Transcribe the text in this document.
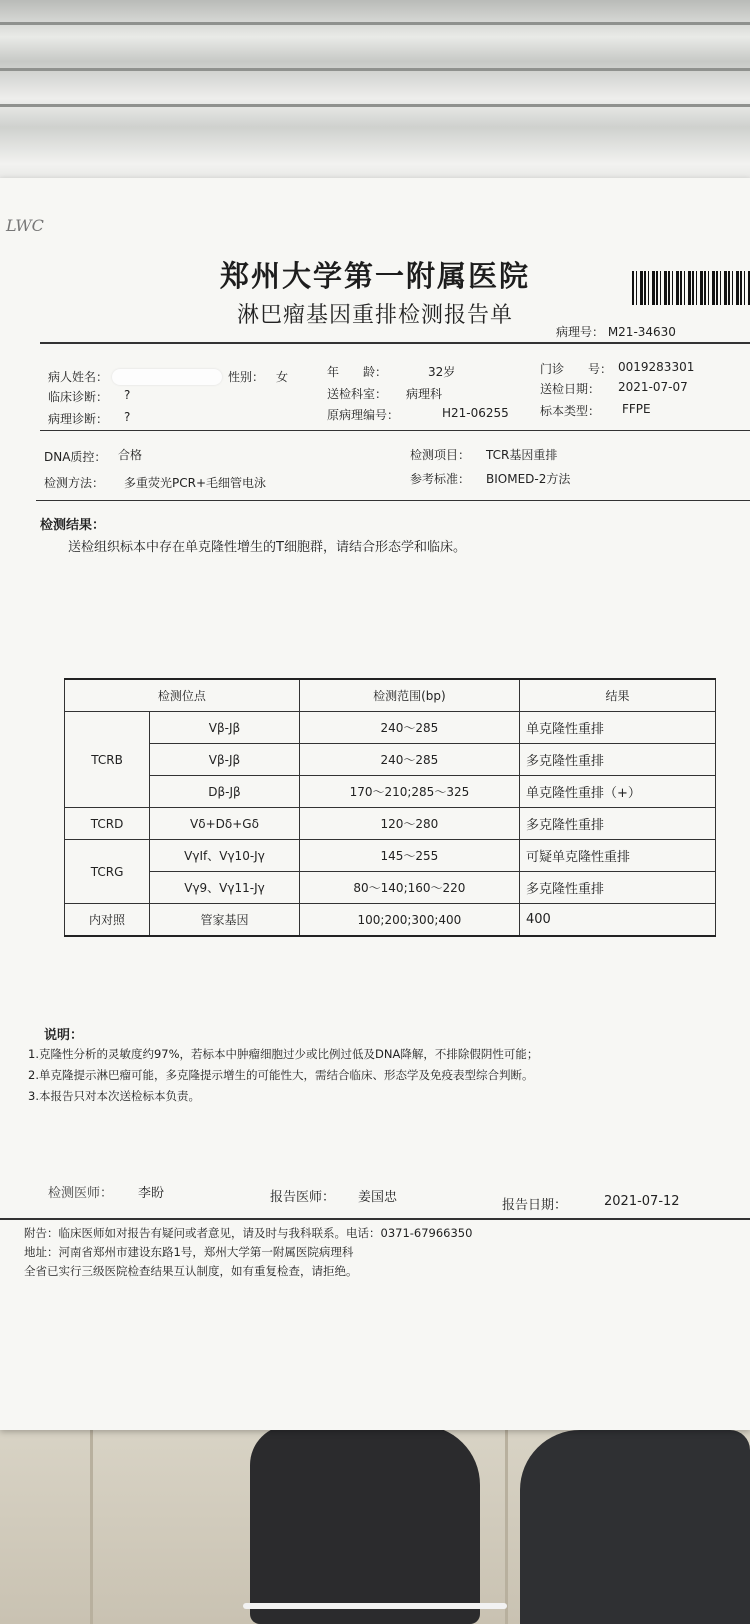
LWC
郑州大学第一附属医院
淋巴瘤基因重排检测报告单
病理号： M21-34630
病人姓名：	性别： 女	年　　龄：	32岁	门诊　　号： 0019283301
临床诊断： ?	送检科室： 病理科	送检日期： 2021-07-07
病理诊断： ?	原病理编号：	H21-06255	标本类型： FFPE
DNA质控： 合格	检测项目： TCR基因重排
检测方法： 多重荧光PCR+毛细管电泳	参考标准： BIOMED-2方法
检测结果：
送检组织标本中存在单克隆性增生的T细胞群，请结合形态学和临床。
检测位点		检测范围(bp)	结果
TCRB	Vβ-Jβ	240～285	单克隆性重排
	Vβ-Jβ	240～285	多克隆性重排
	Dβ-Jβ	170～210;285～325	单克隆性重排（+）
TCRD	Vδ+Dδ+Gδ	120～280	多克隆性重排
TCRG	VγIf、Vγ10-Jγ	145～255	可疑单克隆性重排
	Vγ9、Vγ11-Jγ	80～140;160～220	多克隆性重排
内对照	管家基因	100;200;300;400	400
说明：
1.克隆性分析的灵敏度约97%，若标本中肿瘤细胞过少或比例过低及DNA降解，不排除假阴性可能；
2.单克隆提示淋巴瘤可能，多克隆提示增生的可能性大，需结合临床、形态学及免疫表型综合判断。
3.本报告只对本次送检标本负责。
检测医师： 李盼	报告医师： 姜国忠
报告日期：	2021-07-12
附告：临床医师如对报告有疑问或者意见，请及时与我科联系。电话：0371-67966350
地址：河南省郑州市建设东路1号，郑州大学第一附属医院病理科
全省已实行三级医院检查结果互认制度，如有重复检查，请拒绝。
